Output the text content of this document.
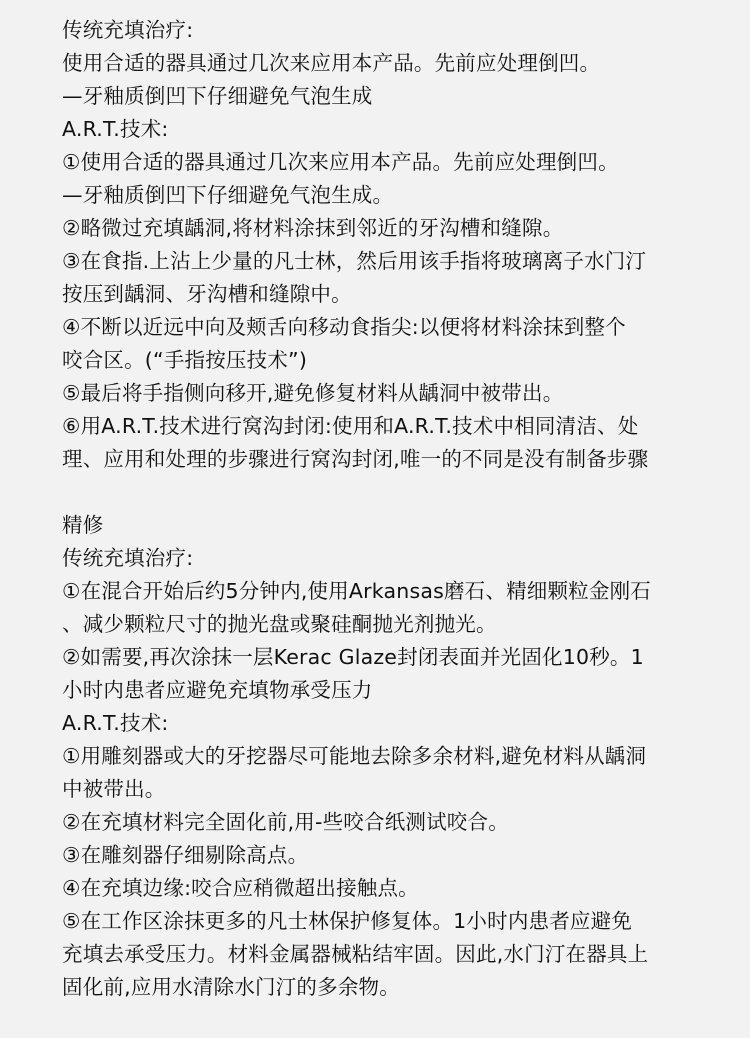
传统充填治疗:
使用合适的器具通过几次来应用本产品。先前应处理倒凹。
—牙釉质倒凹下仔细避免气泡生成
A.R.T.技术:
①使用合适的器具通过几次来应用本产品。先前应处理倒凹。
—牙釉质倒凹下仔细避免气泡生成。
②略微过充填龋洞,将材料涂抹到邻近的牙沟槽和缝隙。
③在食指.上沾上少量的凡士林，然后用该手指将玻璃离子水门汀
按压到龋洞、牙沟槽和缝隙中。
④不断以近远中向及颊舌向移动食指尖:以便将材料涂抹到整个
咬合区。(“手指按压技术”)
⑤最后将手指侧向移开,避免修复材料从龋洞中被带出。
⑥用A.R.T.技术进行窝沟封闭:使用和A.R.T.技术中相同清洁、处
理、应用和处理的步骤进行窝沟封闭,唯一的不同是没有制备步骤
精修
传统充填治疗:
①在混合开始后约5分钟内,使用Arkansas磨石、精细颗粒金刚石
、减少颗粒尺寸的抛光盘或聚硅酮抛光剂抛光。
②如需要,再次涂抹一层Kerac Glaze封闭表面并光固化10秒。1
小时内患者应避免充填物承受压力
A.R.T.技术:
①用雕刻器或大的牙挖器尽可能地去除多余材料,避免材料从龋洞
中被带出。
②在充填材料完全固化前,用-些咬合纸测试咬合。
③在雕刻器仔细剔除高点。
④在充填边缘:咬合应稍微超出接触点。
⑤在工作区涂抹更多的凡士林保护修复体。1小时内患者应避免
充填去承受压力。材料金属器械粘结牢固。因此,水门汀在器具上
固化前,应用水清除水门汀的多余物。
